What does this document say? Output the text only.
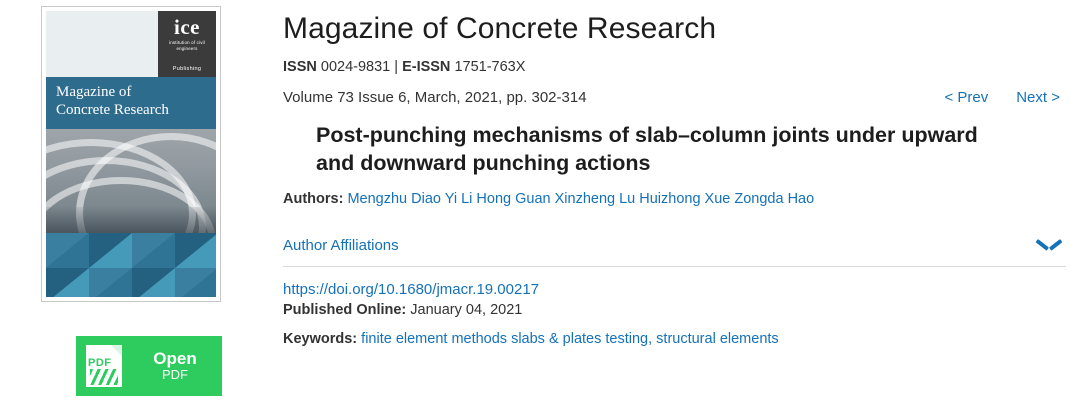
ice
institution of civil engineers
Publishing
Magazine of
Concrete Research
PDF	Open
PDF
Magazine of Concrete Research
ISSN 0024-9831 | E-ISSN 1751-763X
Volume 73 Issue 6, March, 2021, pp. 302-314	< Prev Next >
Post-punching mechanisms of slab–column joints under upward and downward punching actions
Authors: Mengzhu Diao Yi Li Hong Guan Xinzheng Lu Huizhong Xue Zongda Hao
Author Affiliations
https://doi.org/10.1680/jmacr.19.00217
Published Online: January 04, 2021
Keywords: finite element methods slabs & plates testing, structural elements
